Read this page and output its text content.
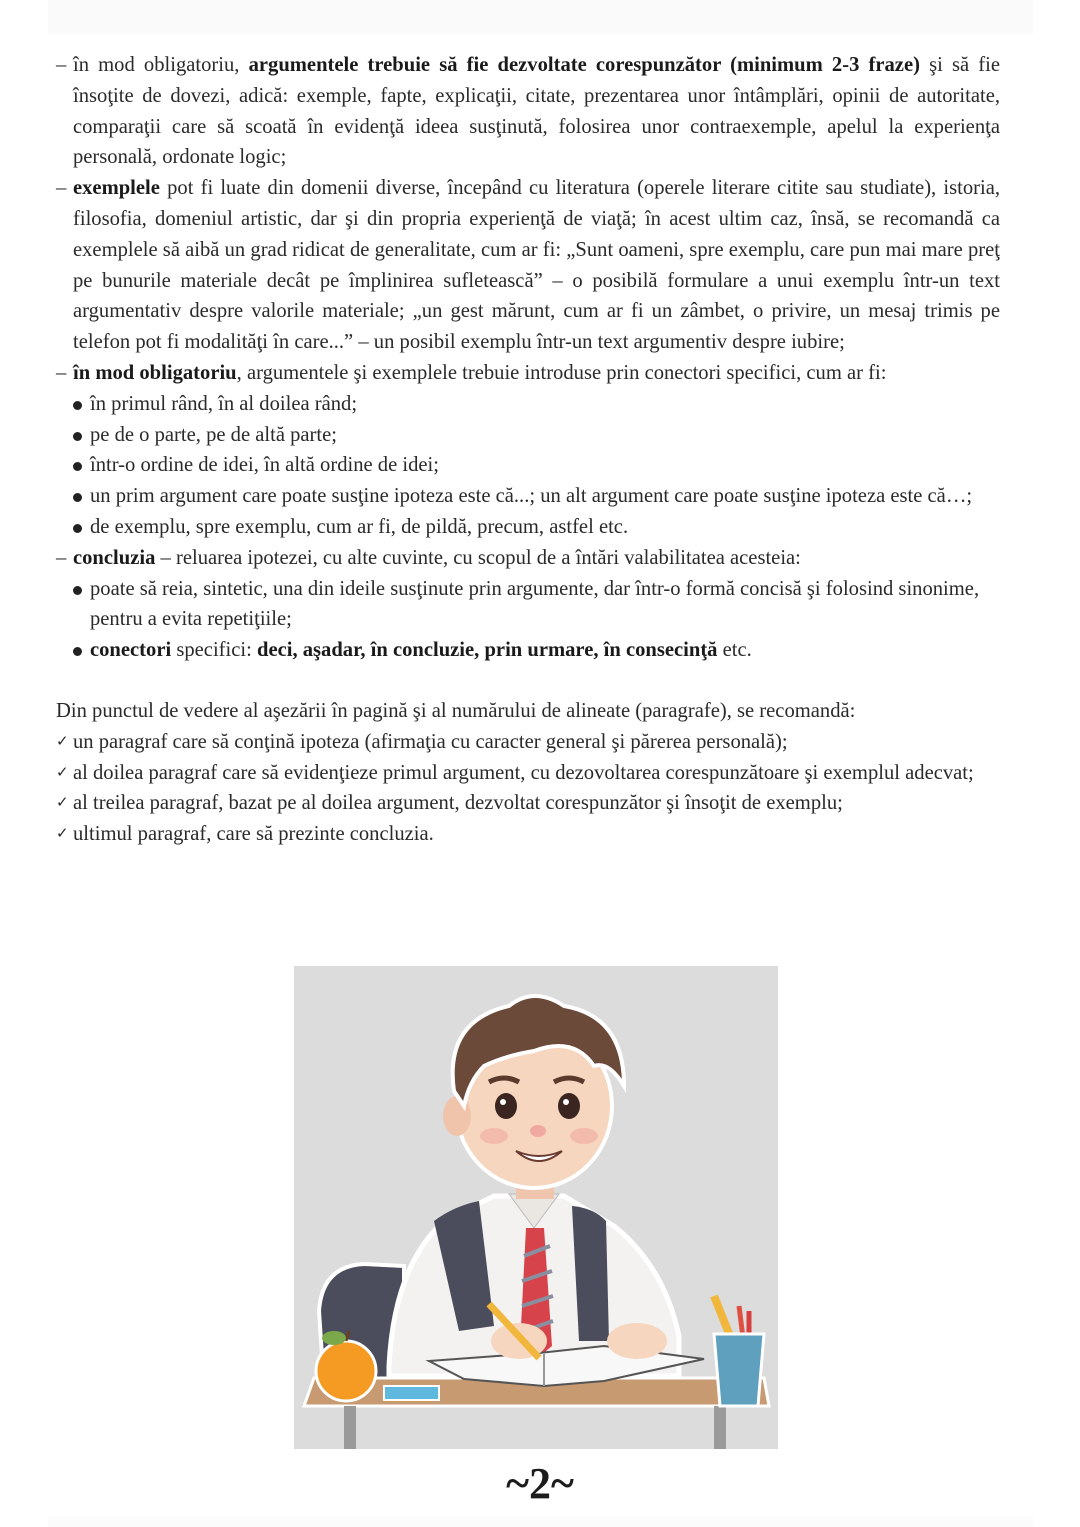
– în mod obligatoriu, argumentele trebuie să fie dezvoltate corespunzător (minimum 2-3 fraze) şi să fie însoţite de dovezi, adică: exemple, fapte, explicaţii, citate, prezentarea unor întâmplări, opinii de autoritate, comparaţii care să scoată în evidenţă ideea susţinută, folosirea unor contraexemple, apelul la experienţa personală, ordonate logic;
– exemplele pot fi luate din domenii diverse, începând cu literatura (operele literare citite sau studiate), istoria, filosofia, domeniul artistic, dar şi din propria experienţă de viaţă; în acest ultim caz, însă, se recomandă ca exemplele să aibă un grad ridicat de generalitate, cum ar fi: „Sunt oameni, spre exemplu, care pun mai mare preţ pe bunurile materiale decât pe împlinirea sufletească” – o posibilă formulare a unui exemplu într-un text argumentativ despre valorile materiale; „un gest mărunt, cum ar fi un zâmbet, o privire, un mesaj trimis pe telefon pot fi modalităţi în care...” – un posibil exemplu într-un text argumentiv despre iubire;
– în mod obligatoriu, argumentele şi exemplele trebuie introduse prin conectori specifici, cum ar fi:
în primul rând, în al doilea rând;
pe de o parte, pe de altă parte;
într-o ordine de idei, în altă ordine de idei;
un prim argument care poate susţine ipoteza este că...; un alt argument care poate susţine ipoteza este că…;
de exemplu, spre exemplu, cum ar fi, de pildă, precum, astfel etc.
– concluzia – reluarea ipotezei, cu alte cuvinte, cu scopul de a întări valabilitatea acesteia:
poate să reia, sintetic, una din ideile susţinute prin argumente, dar într-o formă concisă şi folosind sinonime, pentru a evita repetiţiile;
conectori specifici: deci, aşadar, în concluzie, prin urmare, în consecinţă etc.
Din punctul de vedere al aşezării în pagină şi al numărului de alineate (paragrafe), se recomandă:
✓ un paragraf care să conţină ipoteza (afirmaţia cu caracter general şi părerea personală);
✓ al doilea paragraf care să evidenţieze primul argument, cu dezovoltarea corespunzătoare şi exemplul adecvat;
✓ al treilea paragraf, bazat pe al doilea argument, dezvoltat corespunzător şi însoţit de exemplu;
✓ ultimul paragraf, care să prezinte concluzia.
~2~
